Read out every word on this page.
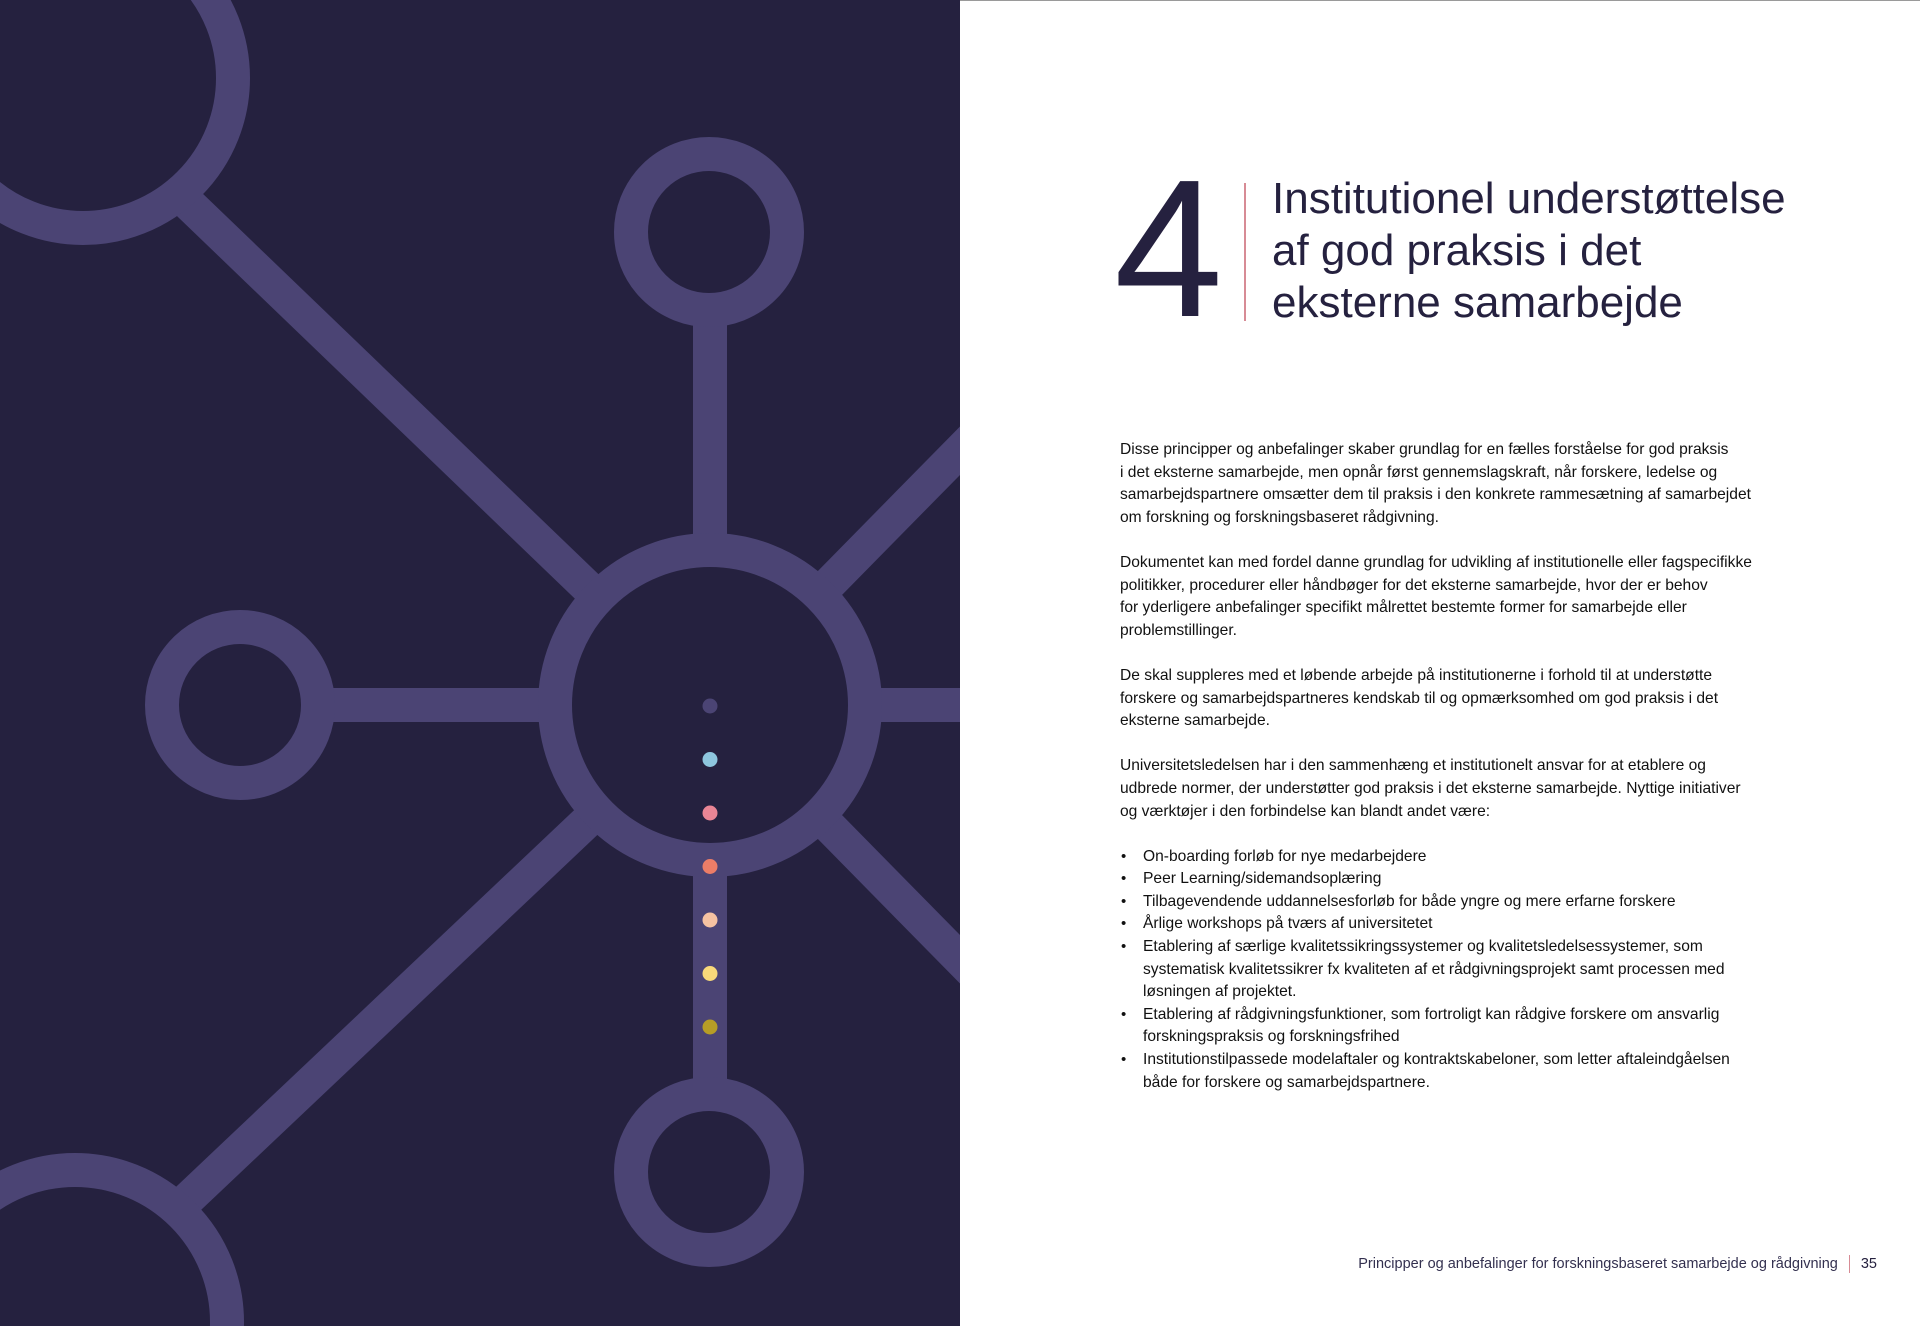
4 Institutionel understøttelse
af god praksis i det
eksterne samarbejde

Disse principper og anbefalinger skaber grundlag for en fælles forståelse for god praksis
i det eksterne samarbejde, men opnår først gennemslagskraft, når forskere, ledelse og
samarbejdspartnere omsætter dem til praksis i den konkrete rammesætning af samarbejdet
om forskning og forskningsbaseret rådgivning.

Dokumentet kan med fordel danne grundlag for udvikling af institutionelle eller fagspecifikke
politikker, procedurer eller håndbøger for det eksterne samarbejde, hvor der er behov
for yderligere anbefalinger specifikt målrettet bestemte former for samarbejde eller
problemstillinger.

De skal suppleres med et løbende arbejde på institutionerne i forhold til at understøtte
forskere og samarbejdspartneres kendskab til og opmærksomhed om god praksis i det
eksterne samarbejde.

Universitetsledelsen har i den sammenhæng et institutionelt ansvar for at etablere og
udbrede normer, der understøtter god praksis i det eksterne samarbejde. Nyttige initiativer
og værktøjer i den forbindelse kan blandt andet være:

• On-boarding forløb for nye medarbejdere
• Peer Learning/sidemandsoplæring
• Tilbagevendende uddannelsesforløb for både yngre og mere erfarne forskere
• Årlige workshops på tværs af universitetet
• Etablering af særlige kvalitetssikringssystemer og kvalitetsledelsessystemer, som
systematisk kvalitetssikrer fx kvaliteten af et rådgivningsprojekt samt processen med
løsningen af projektet.
• Etablering af rådgivningsfunktioner, som fortroligt kan rådgive forskere om ansvarlig
forskningspraksis og forskningsfrihed
• Institutionstilpassede modelaftaler og kontraktskabeloner, som letter aftaleindgåelsen
både for forskere og samarbejdspartnere.
Principper og anbefalinger for forskningsbaseret samarbejde og rådgivning 35
